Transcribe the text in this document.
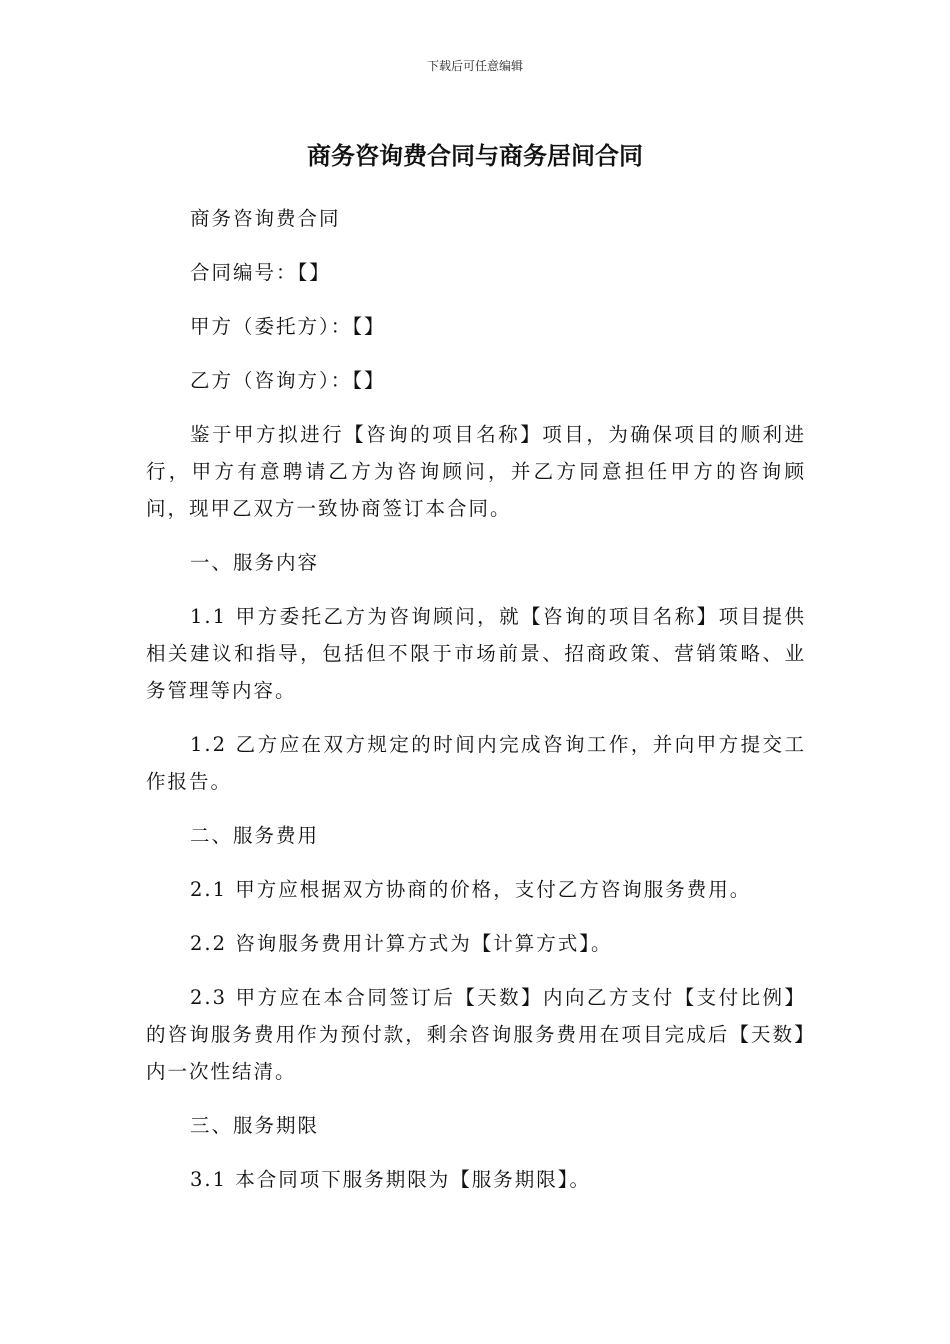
下载后可任意编辑
商务咨询费合同与商务居间合同

商务咨询费合同

合同编号：【】

甲方（委托方）：【】

乙方（咨询方）：【】

鉴于甲方拟进行【咨询的项目名称】项目，为确保项目的顺利进行，甲方有意聘请乙方为咨询顾问，并乙方同意担任甲方的咨询顾问，现甲乙双方一致协商签订本合同。

一、服务内容

1.1 甲方委托乙方为咨询顾问，就【咨询的项目名称】项目提供相关建议和指导，包括但不限于市场前景、招商政策、营销策略、业务管理等内容。

1.2 乙方应在双方规定的时间内完成咨询工作，并向甲方提交工作报告。

二、服务费用

2.1 甲方应根据双方协商的价格，支付乙方咨询服务费用。

2.2 咨询服务费用计算方式为【计算方式】。

2.3 甲方应在本合同签订后【天数】内向乙方支付【支付比例】的咨询服务费用作为预付款，剩余咨询服务费用在项目完成后【天数】内一次性结清。

三、服务期限

3.1 本合同项下服务期限为【服务期限】。
